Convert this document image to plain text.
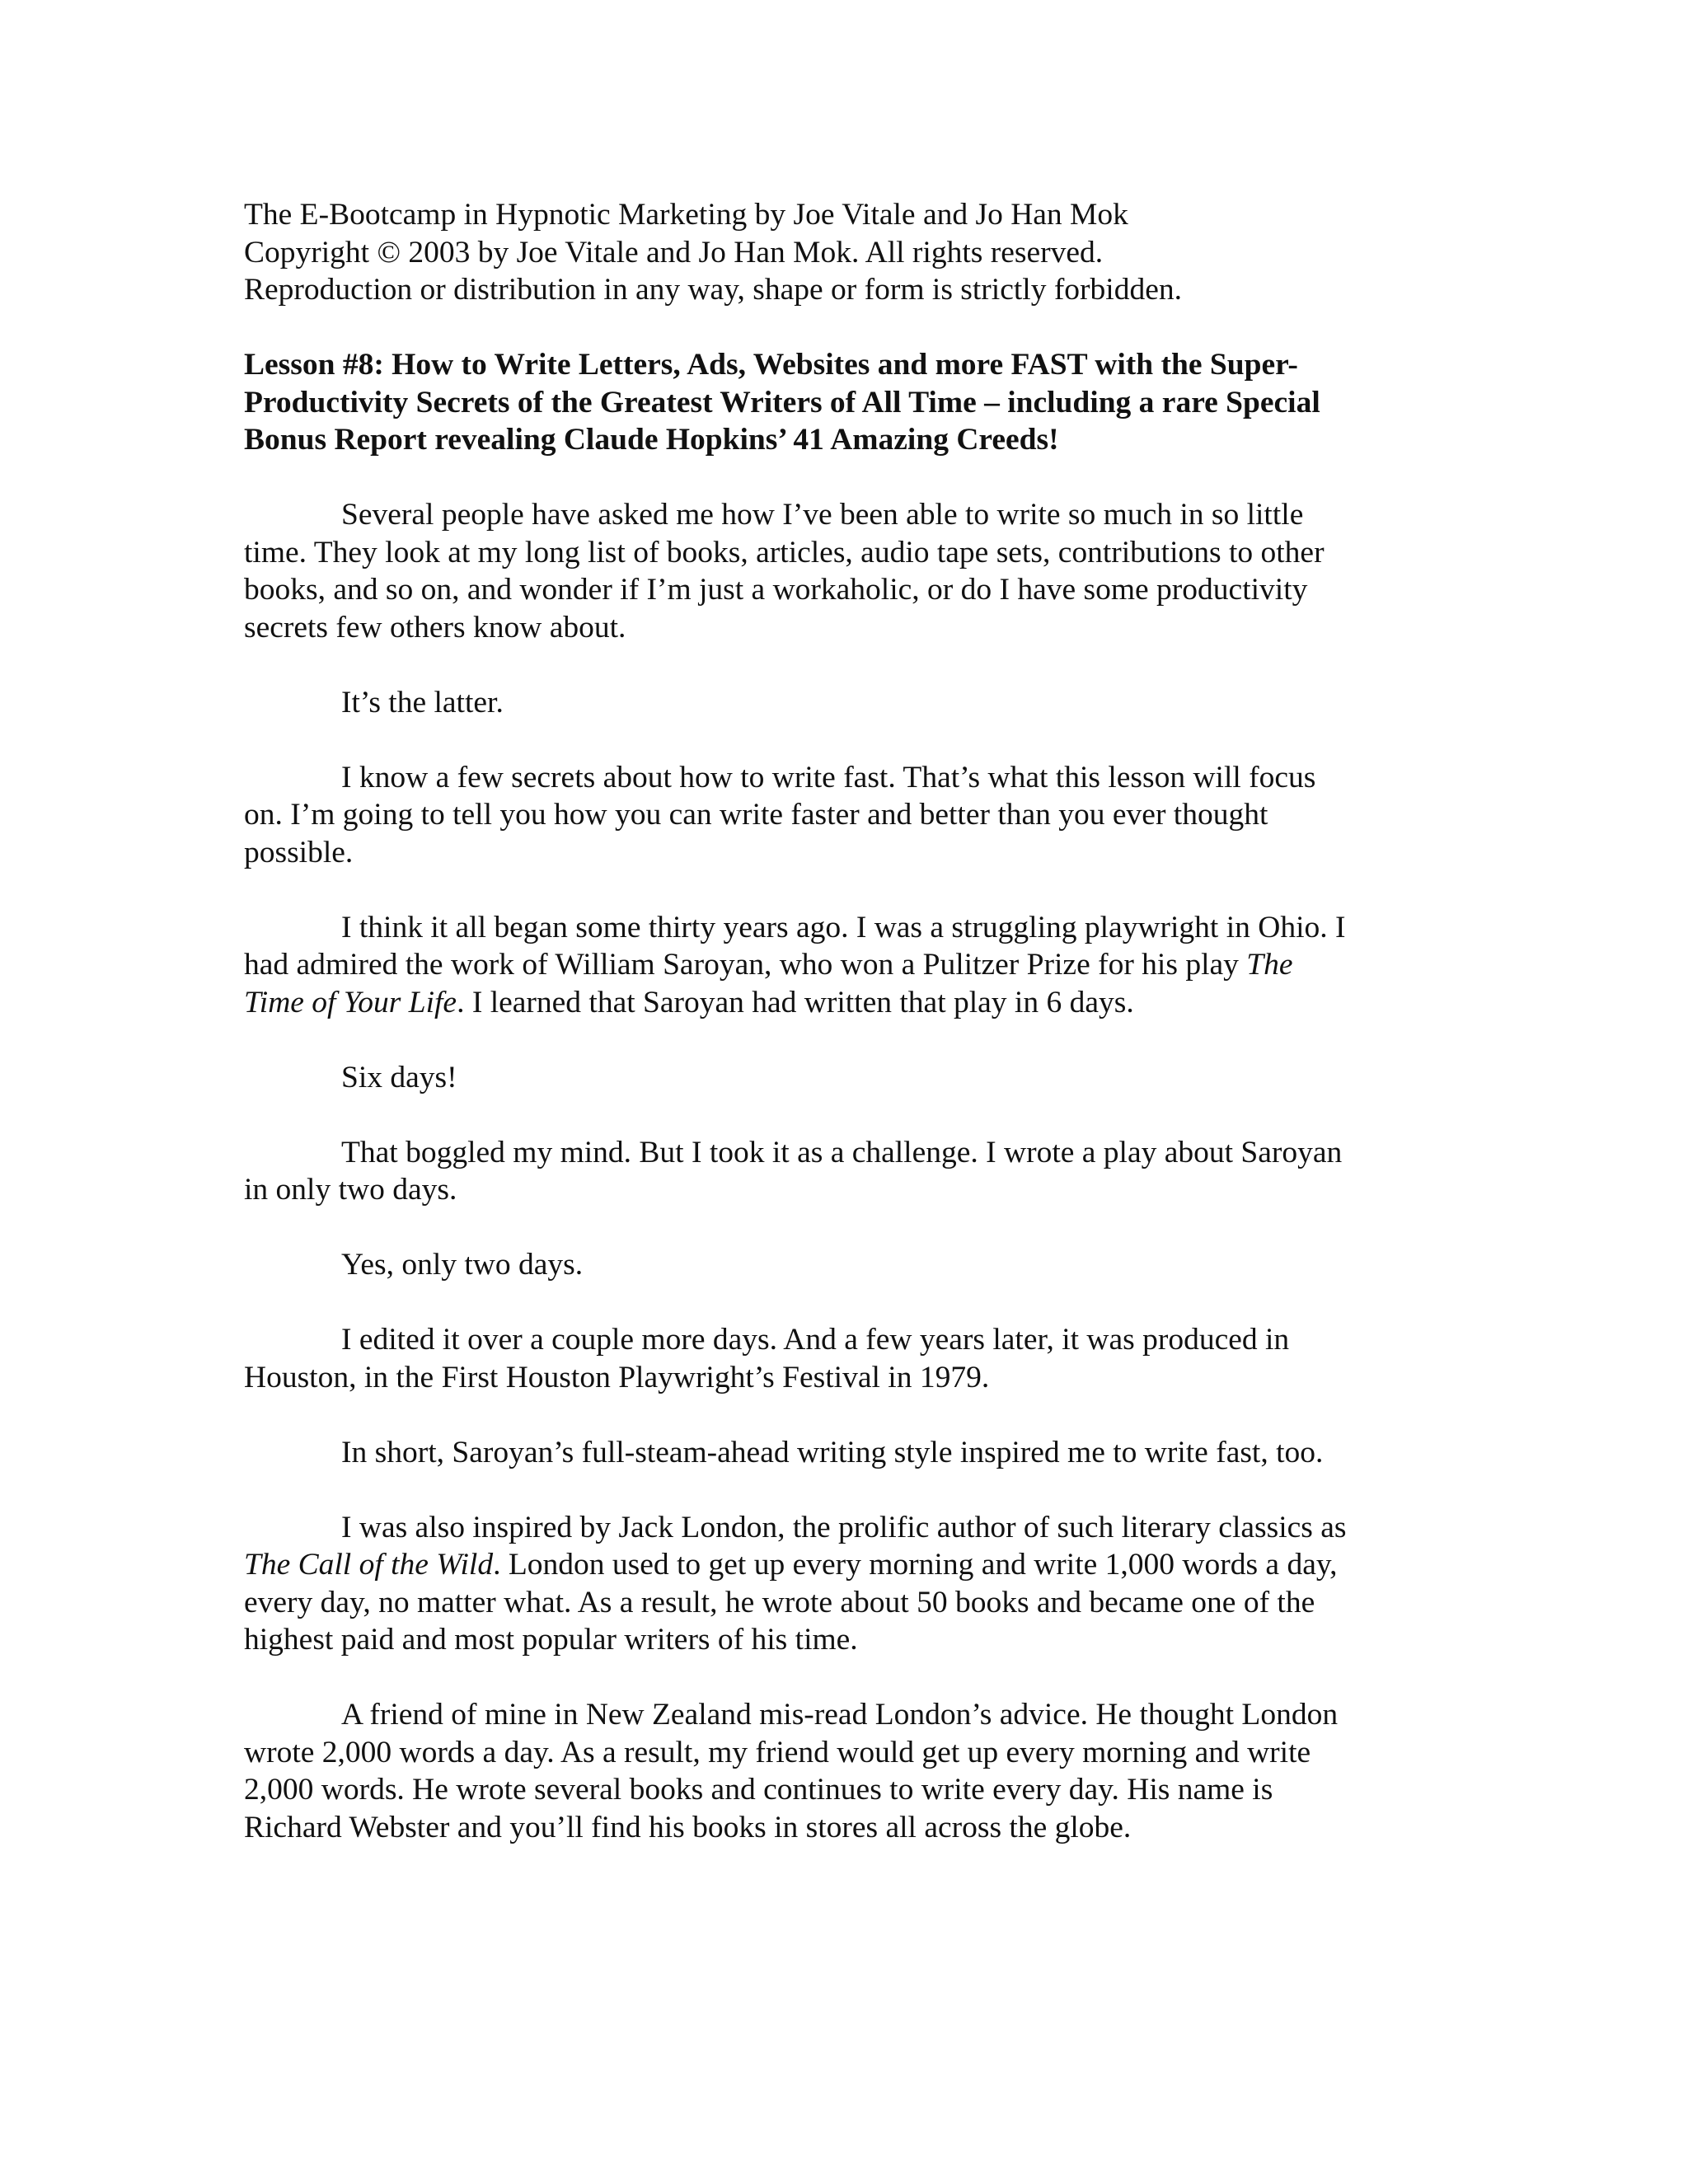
The E-Bootcamp in Hypnotic Marketing by Joe Vitale and Jo Han Mok
Copyright © 2003 by Joe Vitale and Jo Han Mok. All rights reserved.
Reproduction or distribution in any way, shape or form is strictly forbidden.
Lesson #8: How to Write Letters, Ads, Websites and more FAST with the Super-
Productivity Secrets of the Greatest Writers of All Time – including a rare Special
Bonus Report revealing Claude Hopkins’ 41 Amazing Creeds!
Several people have asked me how I’ve been able to write so much in so little
time. They look at my long list of books, articles, audio tape sets, contributions to other
books, and so on, and wonder if I’m just a workaholic, or do I have some productivity
secrets few others know about.
It’s the latter.
I know a few secrets about how to write fast. That’s what this lesson will focus
on. I’m going to tell you how you can write faster and better than you ever thought
possible.
I think it all began some thirty years ago. I was a struggling playwright in Ohio. I
had admired the work of William Saroyan, who won a Pulitzer Prize for his play The
Time of Your Life. I learned that Saroyan had written that play in 6 days.
Six days!
That boggled my mind. But I took it as a challenge. I wrote a play about Saroyan
in only two days.
Yes, only two days.
I edited it over a couple more days. And a few years later, it was produced in
Houston, in the First Houston Playwright’s Festival in 1979.
In short, Saroyan’s full-steam-ahead writing style inspired me to write fast, too.
I was also inspired by Jack London, the prolific author of such literary classics as
The Call of the Wild. London used to get up every morning and write 1,000 words a day,
every day, no matter what. As a result, he wrote about 50 books and became one of the
highest paid and most popular writers of his time.
A friend of mine in New Zealand mis-read London’s advice. He thought London
wrote 2,000 words a day. As a result, my friend would get up every morning and write
2,000 words. He wrote several books and continues to write every day. His name is
Richard Webster and you’ll find his books in stores all across the globe.
